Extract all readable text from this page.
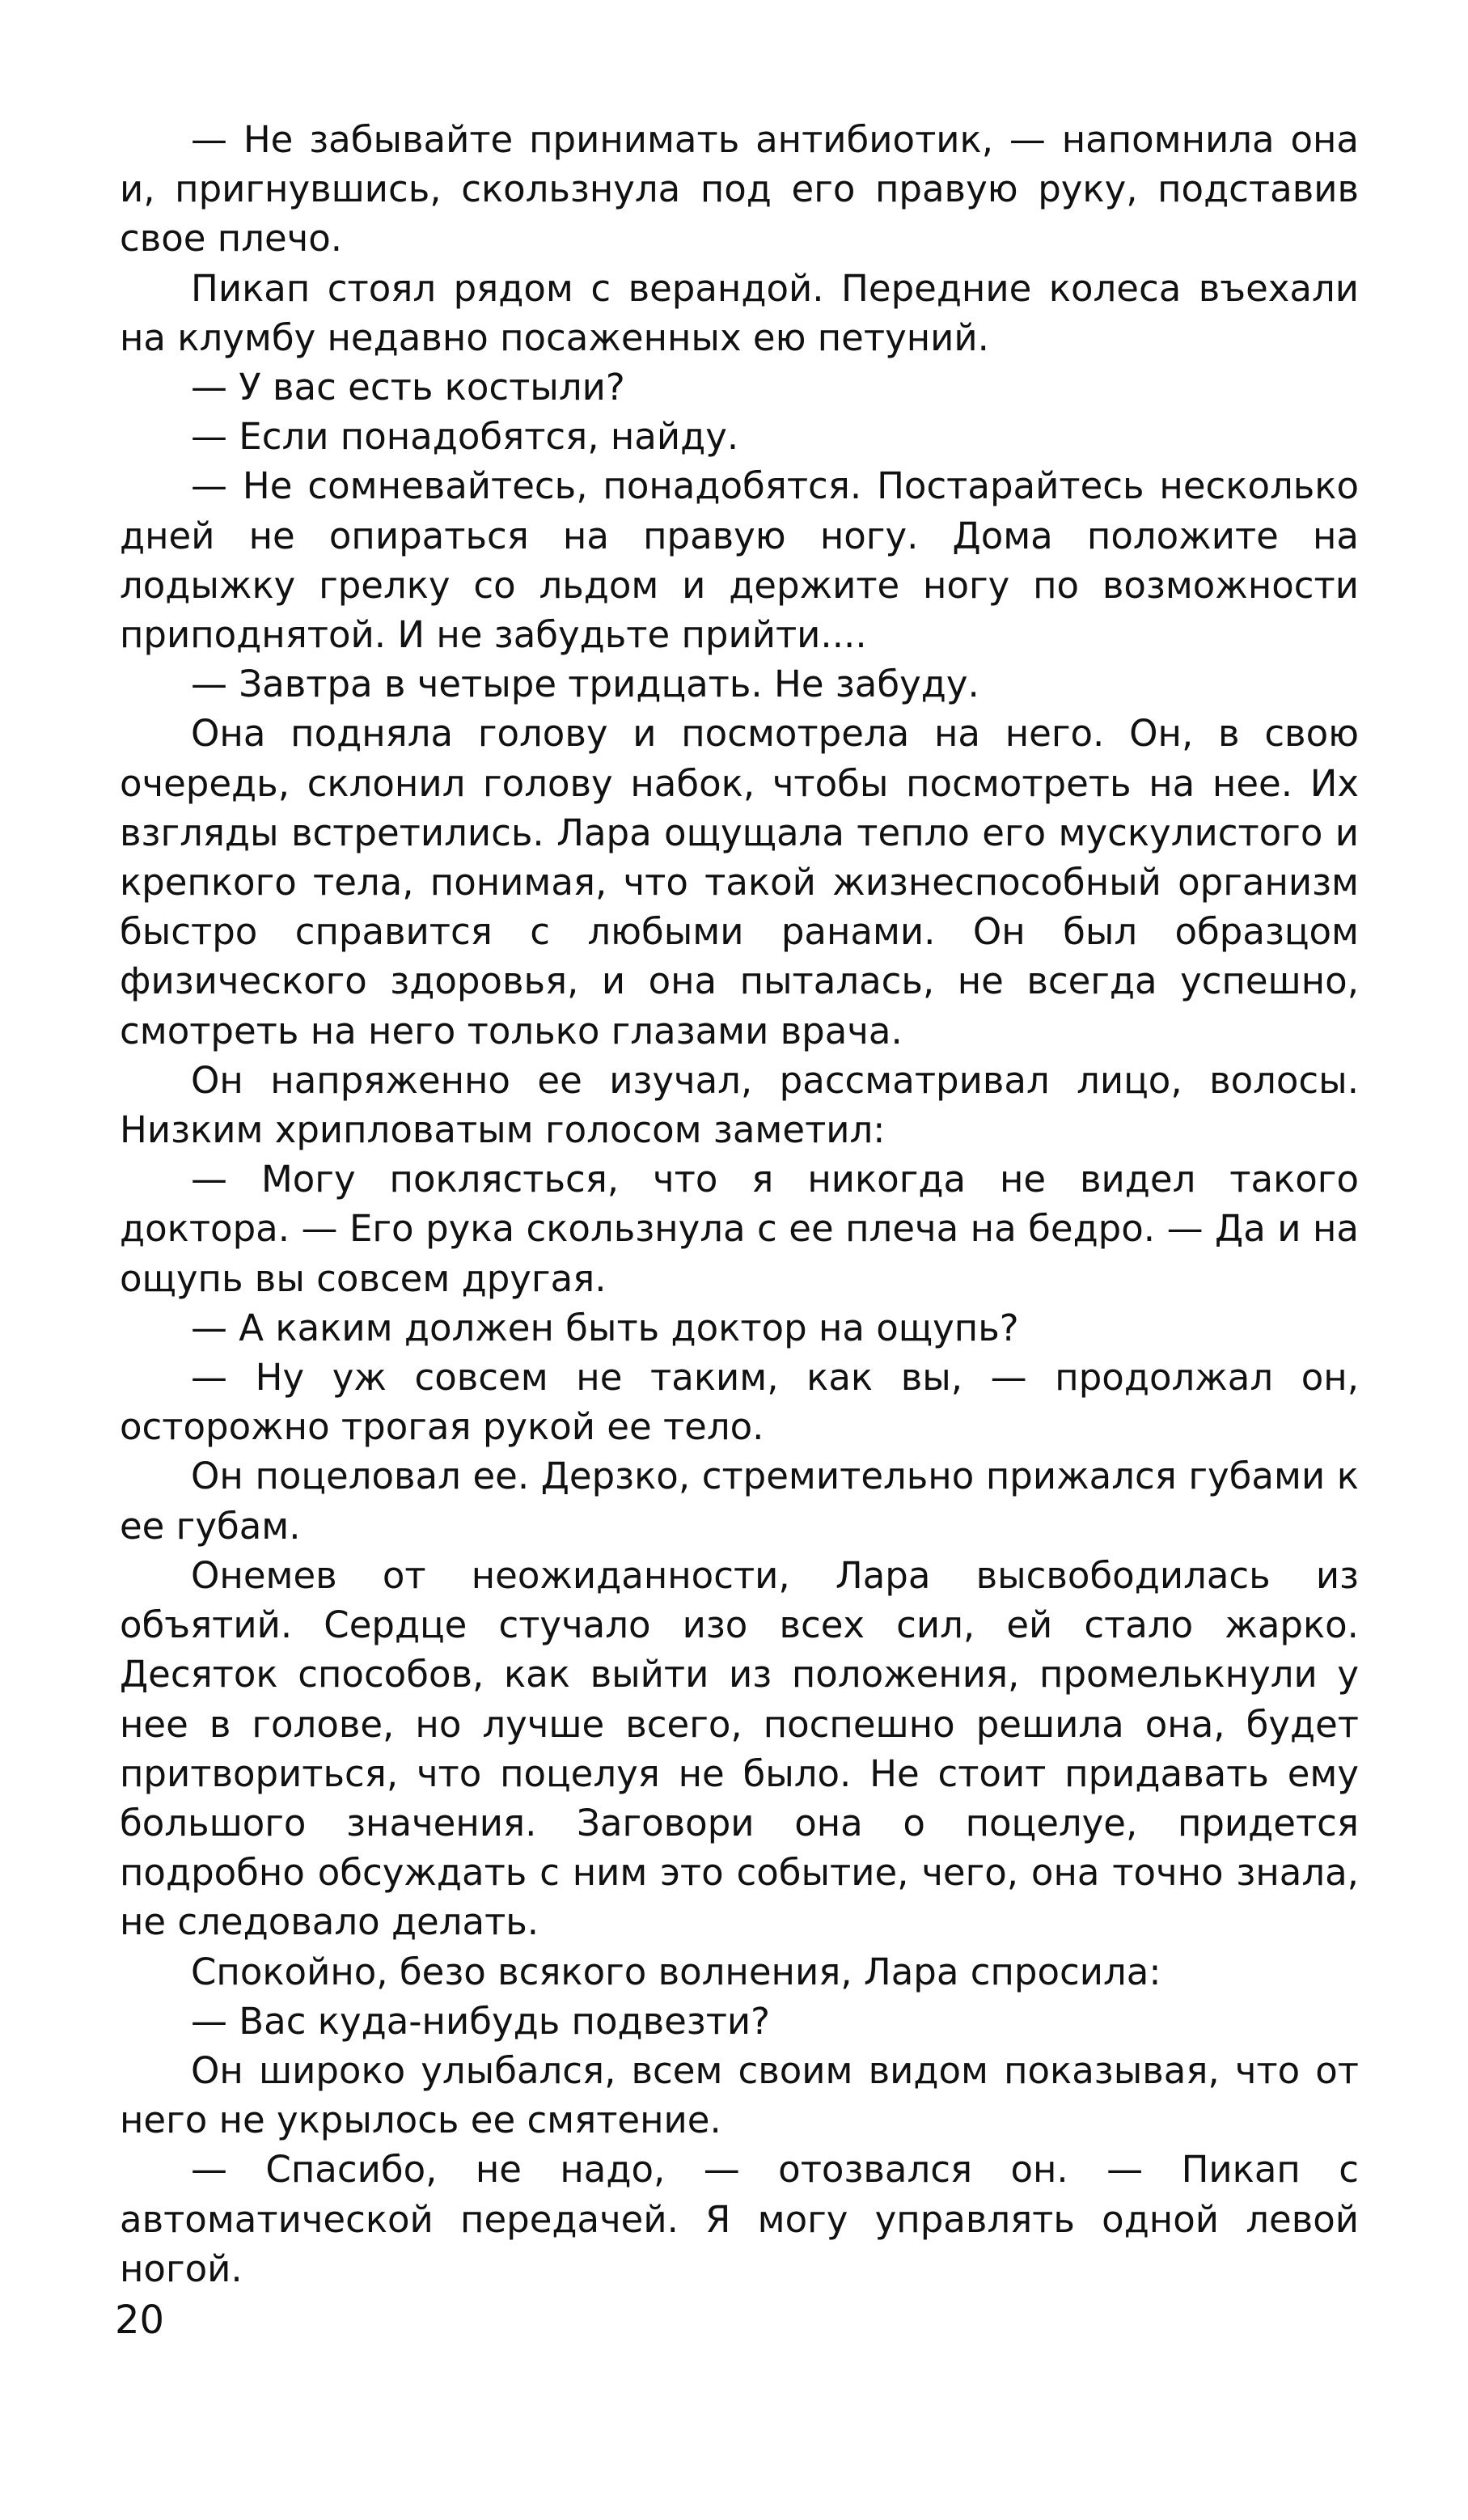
— Не забывайте принимать антибиотик, — напомнила она и, пригнувшись, скользнула под его правую руку, подставив свое плечо.

Пикап стоял рядом с верандой. Передние колеса въехали на клумбу недавно посаженных ею петуний.

— У вас есть костыли?

— Если понадобятся, найду.

— Не сомневайтесь, понадобятся. Постарайтесь несколько дней не опираться на правую ногу. Дома положите на лодыжку грелку со льдом и держите ногу по возможности приподнятой. И не забудьте прийти....

— Завтра в четыре тридцать. Не забуду.

Она подняла голову и посмотрела на него. Он, в свою очередь, склонил голову набок, чтобы посмотреть на нее. Их взгляды встретились. Лара ощущала тепло его мускулистого и крепкого тела, понимая, что такой жизнеспособный организм быстро справится с любыми ранами. Он был образцом физического здоровья, и она пыталась, не всегда успешно, смотреть на него только глазами врача.

Он напряженно ее изучал, рассматривал лицо, волосы. Низким хрипловатым голосом заметил:

— Могу поклясться, что я никогда не видел такого доктора. — Его рука скользнула с ее плеча на бедро. — Да и на ощупь вы совсем другая.

— А каким должен быть доктор на ощупь?

— Ну уж совсем не таким, как вы, — продолжал он, осторожно трогая рукой ее тело.

Он поцеловал ее. Дерзко, стремительно прижался губами к ее губам.

Онемев от неожиданности, Лара высвободилась из объятий. Сердце стучало изо всех сил, ей стало жарко. Десяток способов, как выйти из положения, промелькнули у нее в голове, но лучше всего, поспешно решила она, будет притвориться, что поцелуя не было. Не стоит придавать ему большого значения. Заговори она о поцелуе, придется подробно обсуждать с ним это событие, чего, она точно знала, не следовало делать.

Спокойно, безо всякого волнения, Лара спросила:

— Вас куда-нибудь подвезти?

Он широко улыбался, всем своим видом показывая, что от него не укрылось ее смятение.

— Спасибо, не надо, — отозвался он. — Пикап с автоматической передачей. Я могу управлять одной левой ногой.

20
